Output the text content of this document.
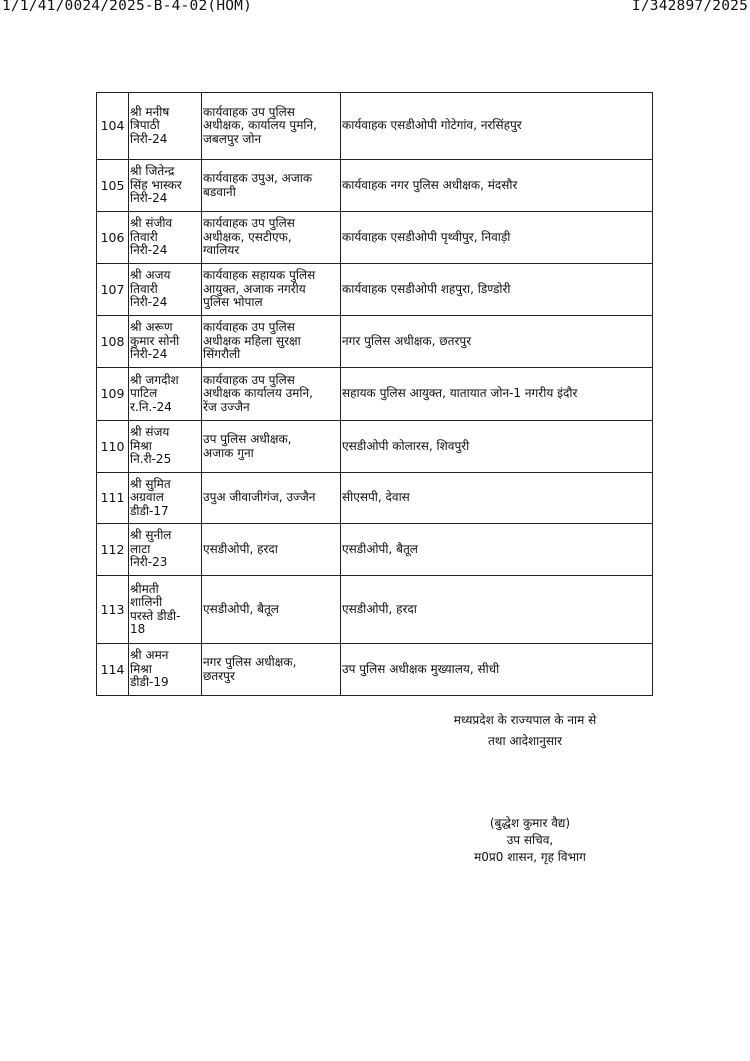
1/1/41/0024/2025-B-4-02(HOM)	I/342897/2025
104	श्री मनीष
त्रिपाठी
निरी-24	कार्यवाहक उप पुलिस
अधीक्षक, कार्यालय पुमनि,
जबलपुर जोन	कार्यवाहक एसडीओपी गोटेगांव, नरसिंहपुर
105	श्री जितेन्द्र
सिंह भास्कर
निरी-24	कार्यवाहक उपुअ, अजाक
बडवानी	कार्यवाहक नगर पुलिस अधीक्षक, मंदसौर
106	श्री संजीव
तिवारी
निरी-24	कार्यवाहक उप पुलिस
अधीक्षक, एसटीएफ,
ग्वालियर	कार्यवाहक एसडीओपी पृथ्वीपुर, निवाड़ी
107	श्री अजय
तिवारी
निरी-24	कार्यवाहक सहायक पुलिस
आयुक्त, अजाक नगरीय
पुलिस भोपाल	कार्यवाहक एसडीओपी शहपुरा, डिण्डोरी
108	श्री अरूण
कुमार सोनी
निरी-24	कार्यवाहक उप पुलिस
अधीक्षक महिला सुरक्षा
सिंगरौली	नगर पुलिस अधीक्षक, छतरपुर
109	श्री जगदीश
पाटिल
र.नि.-24	कार्यवाहक उप पुलिस
अधीक्षक कार्यालय उमनि,
रेंज उज्जैन	सहायक पुलिस आयुक्त, यातायात जोन-1 नगरीय इंदौर
110	श्री संजय
मिश्रा
नि.री-25	उप पुलिस अधीक्षक,
अजाक गुना	एसडीओपी कोलारस, शिवपुरी
111	श्री सुमित
अग्रवाल
डीडी-17	उपुअ जीवाजीगंज, उज्जैन	सीएसपी, देवास
112	श्री सुनील
लाटा
निरी-23	एसडीओपी, हरदा	एसडीओपी, बैतूल
113	श्रीमती
शालिनी
परस्ते डीडी-
18	एसडीओपी, बैतूल	एसडीओपी, हरदा
114	श्री अमन
मिश्रा
डीडी-19	नगर पुलिस अधीक्षक,
छतरपुर	उप पुलिस अधीक्षक मुख्यालय, सीधी
मध्यप्रदेश के राज्यपाल के नाम से
तथा आदेशानुसार
(बुद्धेश कुमार वैद्य)
उप सचिव,
म0प्र0 शासन, गृह विभाग
